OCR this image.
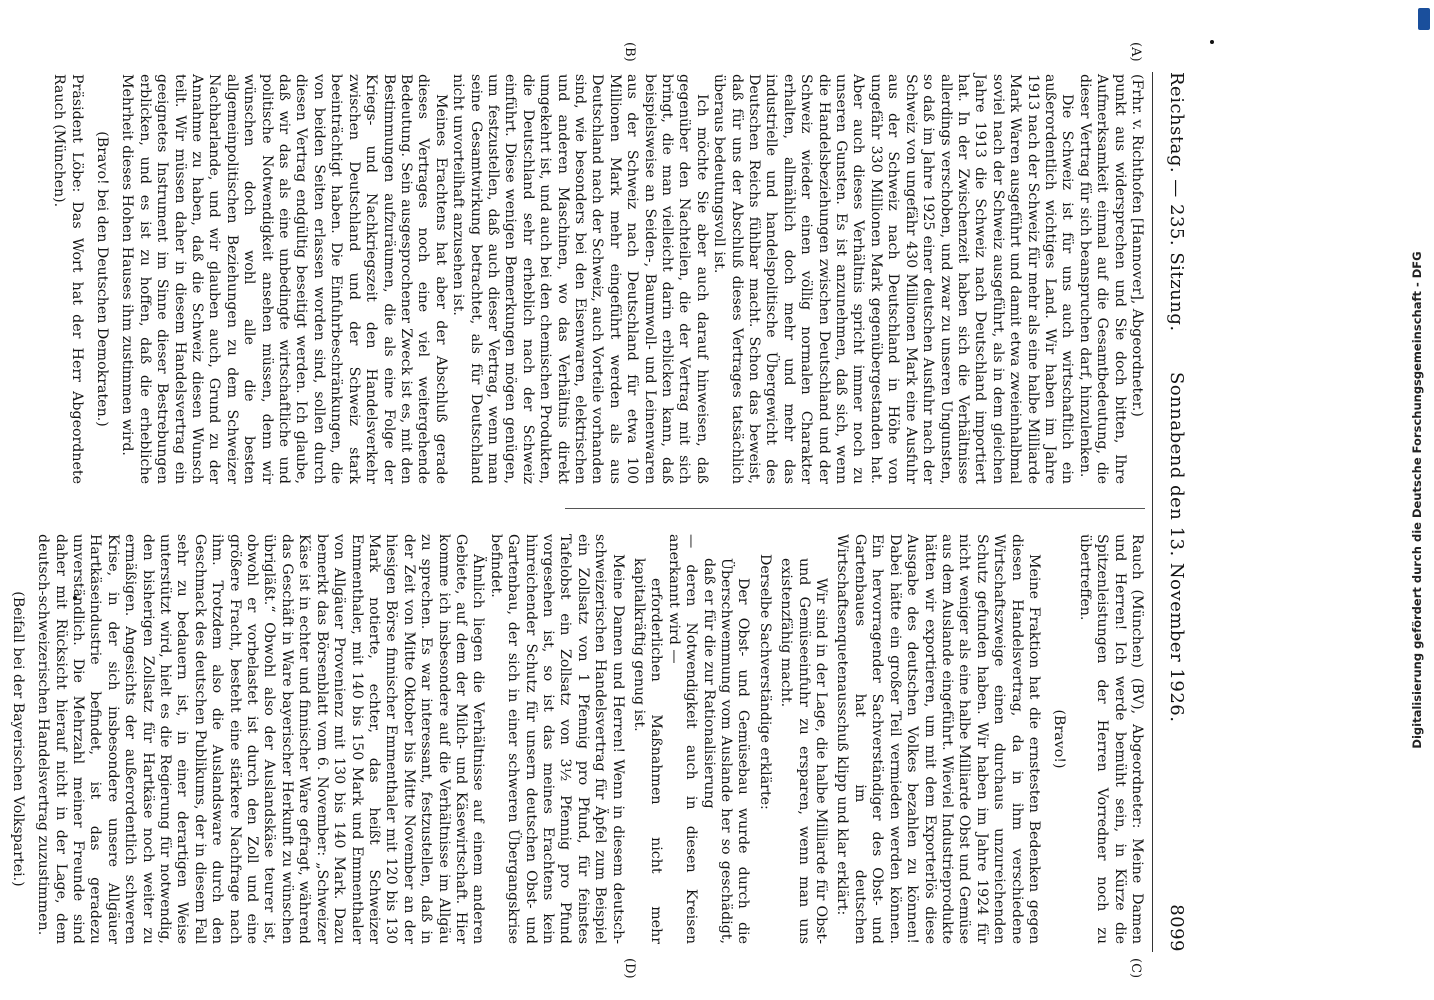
Digitalisierung gefördert durch die Deutsche Forschungsgemeinschaft - DFG
Reichstag. — 235. Sitzung.
Sonnabend den 13. November 1926.
8099
(A)
(B)
(C)
(D)

(Frhr. v. Richthofen [Hannover], Abgeordneter.)

punkt aus widersprechen und Sie doch bitten, Ihre Aufmerksamkeit einmal auf die Gesamtbedeutung, die dieser Vertrag für sich beanspruchen darf, hinzulenken.

Die Schweiz ist für uns auch wirtschaftlich ein außerordentlich wichtiges Land. Wir haben im Jahre 1913 nach der Schweiz für mehr als eine halbe Milliarde Mark Waren ausgeführt und damit etwa zweieinhalbmal soviel nach der Schweiz ausgeführt, als in dem gleichen Jahre 1913 die Schweiz nach Deutschland importiert hat. In der Zwischenzeit haben sich die Verhältnisse allerdings verschoben, und zwar zu unseren Ungunsten, so daß im Jahre 1925 einer deutschen Ausfuhr nach der Schweiz von ungefähr 430 Millionen Mark eine Ausfuhr aus der Schweiz nach Deutschland in Höhe von ungefähr 330 Millionen Mark gegenübergestanden hat. Aber auch dieses Verhältnis spricht immer noch zu unseren Gunsten. Es ist anzunehmen, daß sich, wenn die Handelsbeziehungen zwischen Deutschland und der Schweiz wieder einen völlig normalen Charakter erhalten, allmählich doch mehr und mehr das industrielle und handelspolitische Übergewicht des Deutschen Reichs fühlbar macht. Schon das beweist, daß für uns der Abschluß dieses Vertrages tatsächlich überaus bedeutungsvoll ist.

Ich möchte Sie aber auch darauf hinweisen, daß gegenüber den Nachteilen, die der Vertrag mit sich bringt, die man vielleicht darin erblicken kann, daß beispielsweise an Seiden-, Baumwoll- und Leinenwaren aus der Schweiz nach Deutschland für etwa 100 Millionen Mark mehr eingeführt werden als aus Deutschland nach der Schweiz, auch Vorteile vorhanden sind, wie besonders bei den Eisenwaren, elektrischen und anderen Maschinen, wo das Verhältnis direkt umgekehrt ist, und auch bei den chemischen Produkten, die Deutschland sehr erheblich nach der Schweiz einführt. Diese wenigen Bemerkungen mögen genügen, um festzustellen, daß auch dieser Vertrag, wenn man seine Gesamtwirkung betrachtet, als für Deutschland nicht unvorteilhaft anzusehen ist.

Meines Erachtens hat aber der Abschluß gerade dieses Vertrages noch eine viel weitergehende Bedeutung. Sein ausgesprochener Zweck ist es, mit den Bestimmungen aufzuräumen, die als eine Folge der Kriegs- und Nachkriegszeit den Handelsverkehr zwischen Deutschland und der Schweiz stark beeinträchtigt haben. Die Einfuhrbeschränkungen, die von beiden Seiten erlassen worden sind, sollen durch diesen Vertrag endgültig beseitigt werden. Ich glaube, daß wir das als eine unbedingte wirtschaftliche und politische Notwendigkeit ansehen müssen, denn wir wünschen doch wohl alle die besten allgemeinpolitischen Beziehungen zu dem Schweizer Nachbarlande, und wir glauben auch, Grund zu der Annahme zu haben, daß die Schweiz diesen Wunsch teilt. Wir müssen daher in diesem Handelsvertrag ein geeignetes Instrument im Sinne dieser Bestrebungen erblicken, und es ist zu hoffen, daß die erhebliche Mehrheit dieses Hohen Hauses ihm zustimmen wird.

(Bravo! bei den Deutschen Demokraten.)

Präsident Löbe: Das Wort hat der Herr Abgeordnete Rauch (München).

Rauch (München) (BV), Abgeordneter: Meine Damen und Herren! Ich werde bemüht sein, in Kürze die Spitzenleistungen der Herren Vorredner noch zu übertreffen.

(Bravo!)

Meine Fraktion hat die ernstesten Bedenken gegen diesen Handelsvertrag, da in ihm verschiedene Wirtschaftszweige einen durchaus unzureichenden Schutz gefunden haben. Wir haben im Jahre 1924 für nicht weniger als eine halbe Milliarde Obst und Gemüse aus dem Auslande eingeführt. Wieviel Industrieprodukte hätten wir exportieren, um mit dem Exporterlös diese Ausgabe des deutschen Volkes bezahlen zu können! Dabei hätte ein großer Teil vermieden werden können. Ein hervorragender Sachverständiger des Obst- und Gartenbaues hat im deutschen Wirtschaftsenquetenausschuß klipp und klar erklärt:

Wir sind in der Lage, die halbe Milliarde für Obst- und Gemüseeinfuhr zu ersparen, wenn man uns existenzfähig macht.

Derselbe Sachverständige erklärte:

Der Obst- und Gemüsebau wurde durch die Überschwemmung vom Auslande her so geschädigt, daß er für die zur Rationalisierung

— deren Notwendigkeit auch in diesen Kreisen anerkannt wird —

erforderlichen Maßnahmen nicht mehr kapitalkräftig genug ist.

Meine Damen und Herren! Wenn in diesem deutsch-schweizerischen Handelsvertrag für Äpfel zum Beispiel ein Zollsatz von 1 Pfennig pro Pfund, für feinstes Tafelobst ein Zollsatz von 3½ Pfennig pro Pfund vorgesehen ist, so ist das meines Erachtens kein hinreichender Schutz für unsern deutschen Obst- und Gartenbau, der sich in einer schweren Übergangskrise befindet.

Ähnlich liegen die Verhältnisse auf einem anderen Gebiete, auf dem der Milch- und Käsewirtschaft. Hier komme ich insbesondere auf die Verhältnisse im Allgäu zu sprechen. Es war interessant, festzustellen, daß in der Zeit von Mitte Oktober bis Mitte November an der hiesigen Börse finnischer Emmenthaler mit 120 bis 130 Mark notierte, echter, das heißt Schweizer Emmenthaler, mit 140 bis 150 Mark und Emmenthaler von Allgäuer Provenienz mit 130 bis 140 Mark. Dazu bemerkt das Börsenblatt vom 6. November: „Schweizer Käse ist in echter und finnischer Ware gefragt, während das Geschäft in Ware bayerischer Herkunft zu wünschen übrigläßt.“ Obwohl also der Auslandskäse teurer ist, obwohl er vorbelastet ist durch den Zoll und eine größere Fracht, besteht eine stärkere Nachfrage nach ihm. Trotzdem also die Auslandsware durch den Geschmack des deutschen Publikums, der in diesem Fall sehr zu bedauern ist, in einer derartigen Weise unterstützt wird, hielt es die Regierung für notwendig, den bisherigen Zollsatz für Hartkäse noch weiter zu ermäßigen. Angesichts der außerordentlich schweren Krise, in der sich insbesondere unsere Allgäuer Hartkäseindustrie befindet, ist das geradezu unverständlich. Die Mehrzahl meiner Freunde sind daher mit Rücksicht hierauf nicht in der Lage, dem deutsch-schweizerischen Handelsvertrag zuzustimmen.

(Beifall bei der Bayerischen Volkspartei.)
